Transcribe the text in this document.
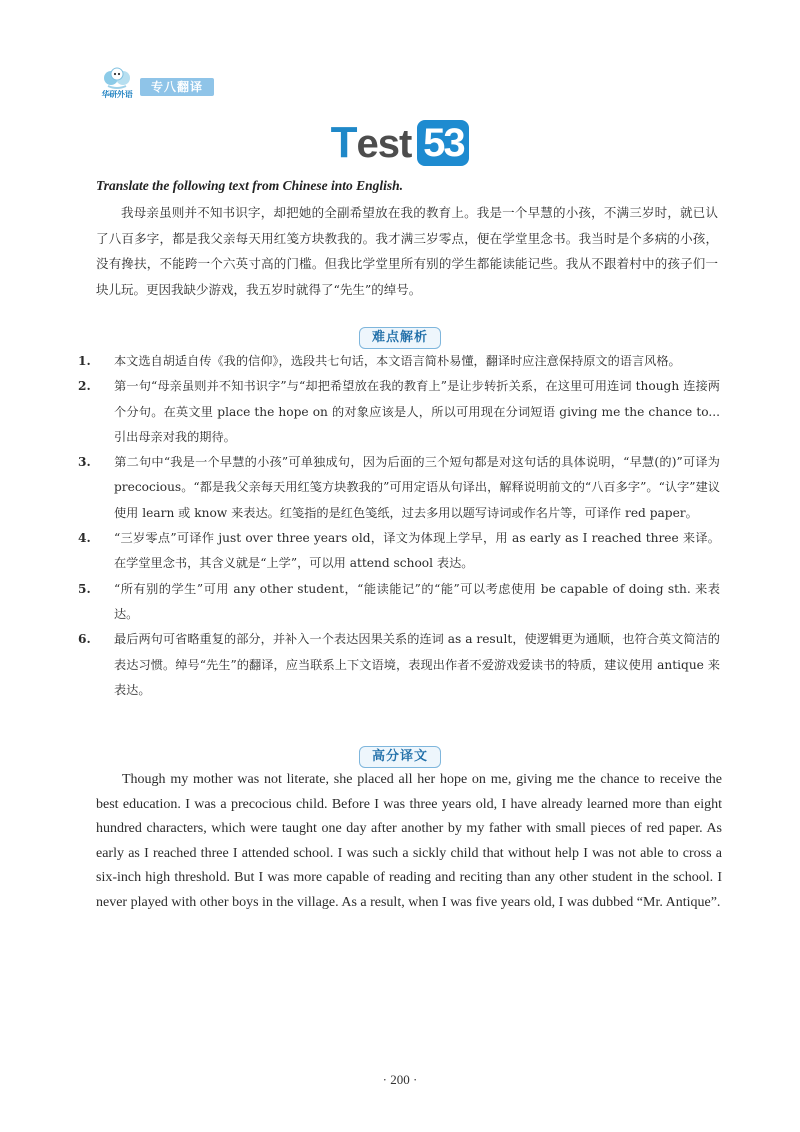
华研外语
专八翻译
Test 53
Translate the following text from Chinese into English.
我母亲虽则并不知书识字，却把她的全副希望放在我的教育上。我是一个早慧的小孩，不满三岁时，就已认了八百多字，都是我父亲每天用红笺方块教我的。我才满三岁零点，便在学堂里念书。我当时是个多病的小孩，没有搀扶，不能跨一个六英寸高的门槛。但我比学堂里所有别的学生都能读能记些。我从不跟着村中的孩子们一块儿玩。更因我缺少游戏，我五岁时就得了“先生”的绰号。
难点解析
1. 本文选自胡适自传《我的信仰》，选段共七句话，本文语言简朴易懂，翻译时应注意保持原文的语言风格。
2. 第一句“母亲虽则并不知书识字”与“却把希望放在我的教育上”是让步转折关系，在这里可用连词 though 连接两个分句。在英文里 place the hope on 的对象应该是人，所以可用现在分词短语 giving me the chance to... 引出母亲对我的期待。
3. 第二句中“我是一个早慧的小孩”可单独成句，因为后面的三个短句都是对这句话的具体说明，“早慧(的)”可译为 precocious。“都是我父亲每天用红笺方块教我的”可用定语从句译出，解释说明前文的“八百多字”。“认字”建议使用 learn 或 know 来表达。红笺指的是红色笺纸，过去多用以题写诗词或作名片等，可译作 red paper。
4. “三岁零点”可译作 just over three years old，译文为体现上学早，用 as early as I reached three 来译。在学堂里念书，其含义就是“上学”，可以用 attend school 表达。
5. “所有别的学生”可用 any other student，“能读能记”的“能”可以考虑使用 be capable of doing sth. 来表达。
6. 最后两句可省略重复的部分，并补入一个表达因果关系的连词 as a result，使逻辑更为通顺，也符合英文简洁的表达习惯。绰号“先生”的翻译，应当联系上下文语境，表现出作者不爱游戏爱读书的特质，建议使用 antique 来表达。
高分译文
Though my mother was not literate, she placed all her hope on me, giving me the chance to receive the best education. I was a precocious child. Before I was three years old, I have already learned more than eight hundred characters, which were taught one day after another by my father with small pieces of red paper. As early as I reached three I attended school. I was such a sickly child that without help I was not able to cross a six-inch high threshold. But I was more capable of reading and reciting than any other student in the school. I never played with other boys in the village. As a result, when I was five years old, I was dubbed “Mr. Antique”.
· 200 ·
